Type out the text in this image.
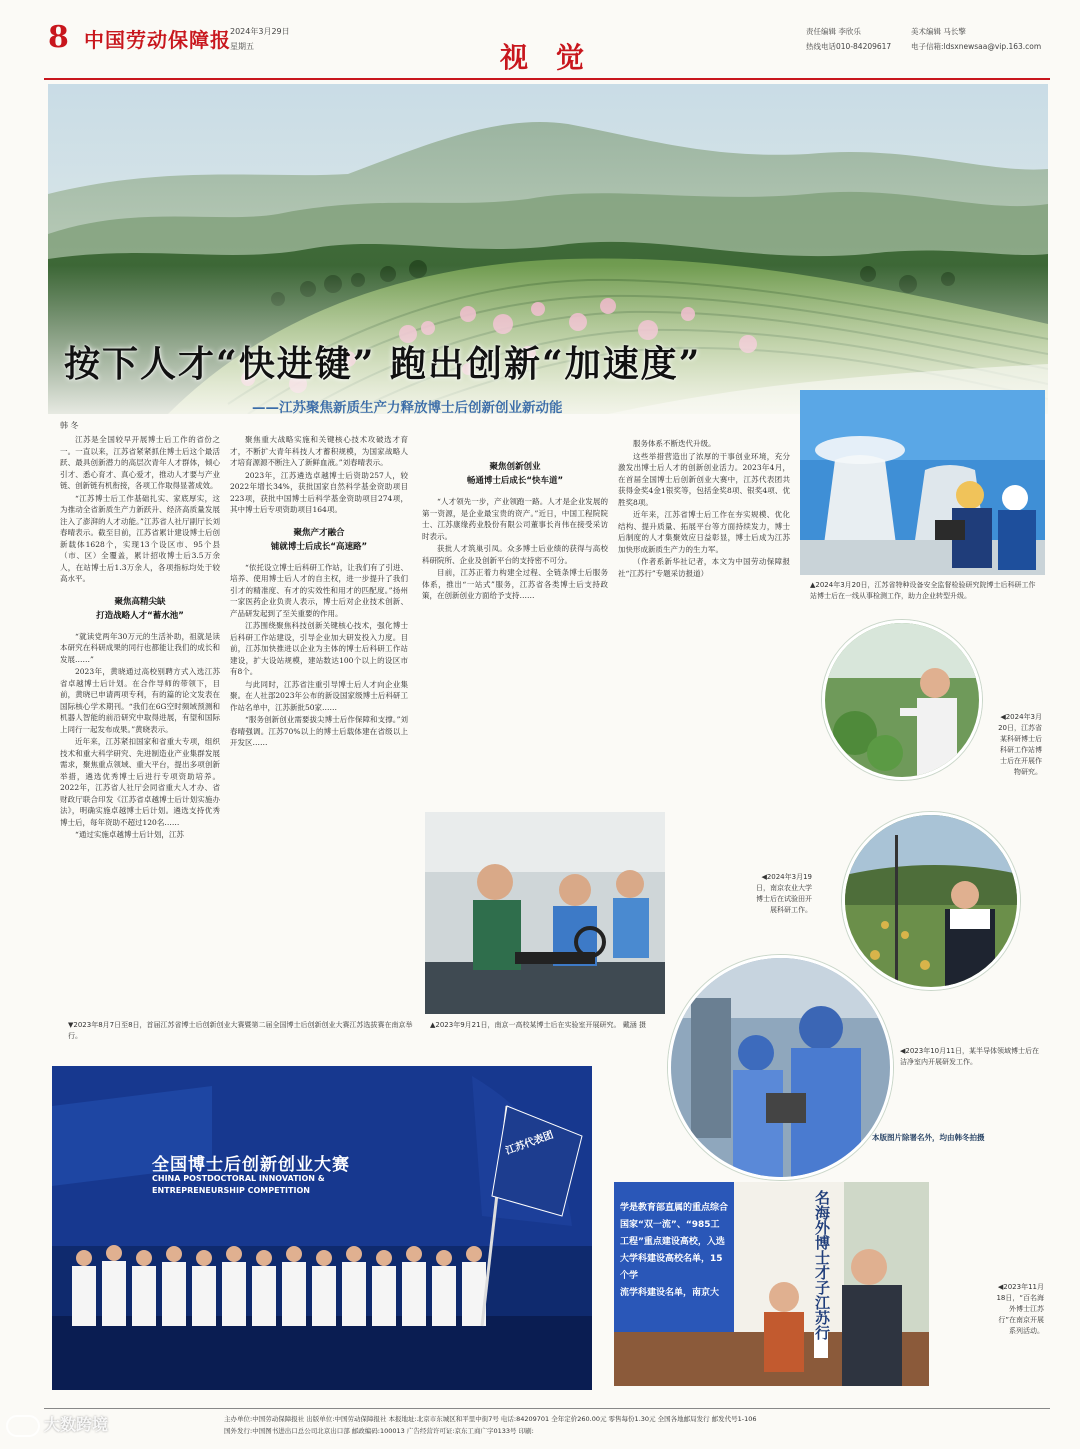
8 中国劳动保障报 2024年3月29日
星期五	视觉
责任编辑 李欣乐	美术编辑 马长擎
热线电话010-84209617	电子信箱:ldsxnewsaa@vip.163.com
按下人才“快进键” 跑出创新“加速度”
——江苏聚焦新质生产力释放博士后创新创业新动能
韩 冬

江苏是全国较早开展博士后工作的省份之一。一直以来，江苏省紧紧抓住博士后这个最活跃、最具创新潜力的高层次青年人才群体，倾心引才、悉心育才、真心爱才，推动人才要与产业链、创新链有机衔接，各项工作取得显著成效。

“江苏博士后工作基础扎实、家底厚实，这为推动全省新质生产力新跃升、经济高质量发展注入了澎湃的人才动能。”江苏省人社厅副厅长刘春晴表示。截至目前，江苏省累计建设博士后创新载体1628个，实现13个设区市、95个县（市、区）全覆盖，累计招收博士后3.5万余人，在站博士后1.3万余人，各项指标均处于较高水平。

聚焦高精尖缺
打造战略人才“蓄水池”

“就读党两年30万元的生活补助，祖就是读本研究在科研成果的同行也都能让我们的成长和发展……”

2023年，黄晓通过高校别聘方式入选江苏省卓越博士后计划。在合作导师的带领下，目前，黄晓已申请两项专利，有的篇的论文发表在国际核心学术期刊。“我们在6G空时频域预测和机器人智能的前沿研究中取得进展，有望和国际上同行一起发布成果。”黄晓表示。

近年来，江苏紧扣国家和省重大专项，组织技术和重大科学研究、先进制造业产业集群发展需求，聚焦重点领域、重大平台，提出多项创新举措，遴选优秀博士后进行专项资助培养。2022年，江苏省人社厅会同省重大人才办、省财政厅联合印发《江苏省卓越博士后计划实施办法》，明确实施卓越博士后计划。遴选支持优秀博士后，每年资助不超过120名……

“通过实施卓越博士后计划，江苏

聚焦重大战略实施和关键核心技术攻破选才育才，不断扩大青年科技人才蓄积规模，为国家战略人才培育源源不断注入了新鲜血液。”刘春晴表示。

2023年，江苏遴选卓越博士后资助257人，较2022年增长34%，获批国家自然科学基金资助项目223项，获批中国博士后科学基金资助项目274项，其中博士后专项资助项目164项。

聚焦产才融合
铺就博士后成长“高速路”

“依托设立博士后科研工作站，让我们有了引进、培养、使用博士后人才的自主权，进一步提升了我们引才的精准度、有才的实效性和用才的匹配度。”扬州一家医药企业负责人表示，博士后对企业技术创新、产品研发起到了至关重要的作用。

江苏围绕聚焦科技创新关键核心技术，强化博士后科研工作站建设，引导企业加大研发投入力度。目前，江苏加快推进以企业为主体的博士后科研工作站建设，扩大设站规模，建站数达100个以上的设区市有8个。

与此同时，江苏省注重引导博士后人才向企业集聚。在人社部2023年公布的新设国家级博士后科研工作站名单中，江苏新批50家……

“服务创新创业需要拔尖博士后作保障和支撑。”刘春晴强调。江苏70%以上的博士后载体建在省级以上开发区……

聚焦创新创业
畅通博士后成长“快车道”

“人才领先一步，产业领跑一路。人才是企业发展的第一资源，是企业最宝贵的资产。”近日，中国工程院院士、江苏康缘药业股份有限公司董事长肖伟在接受采访时表示。

获批人才筑巢引凤。众多博士后业绩的获得与高校科研院所、企业及创新平台的支持密不可分。

目前，江苏正着力构建全过程、全链条博士后服务体系，推出“一站式”服务，江苏省各类博士后支持政策，在创新创业方面给予支持……

服务体系不断迭代升级。

这些举措营造出了浓厚的干事创业环境，充分激发出博士后人才的创新创业活力。2023年4月，在首届全国博士后创新创业大赛中，江苏代表团共获得金奖4金1银奖等，包括金奖8项、银奖4项、优胜奖8项。

近年来，江苏省博士后工作在夯实规模、优化结构、提升质量、拓展平台等方面持续发力，博士后制度的人才集聚效应日益彰显，博士后成为江苏加快形成新质生产力的生力军。

（作者系新华社记者，本文为中国劳动保障报社“江苏行”专题采访报道）

▲2024年3月20日，江苏省特种设备安全监督检验研究院博士后科研工作站博士后在一线从事检测工作，助力企业转型升级。
◀2024年3月20日，江苏省某科研博士后科研工作站博士后在开展作物研究。
◀2024年3月19日，南京农业大学博士后在试验田开展科研工作。
◀2023年10月11日，某半导体领域博士后在洁净室内开展研发工作。
本版图片除署名外，均由韩冬拍摄
▲2023年9月21日，南京一高校某博士后在实验室开展研究。 戴涵 摄
▼2023年8月7日至8日，首届江苏省博士后创新创业大赛暨第二届全国博士后创新创业大赛江苏选拔赛在南京举行。
全国博士后创新创业大赛
CHINA POSTDOCTORAL INNOVATION &
ENTREPRENEURSHIP COMPETITION
江苏代表团
学是教育部直属的重点综合
国家“双一流”、“985工
工程”重点建设高校，入选
大学科建设高校名单，15个学
流学科建设名单，南京大	名海外博士才子江苏行	◀2023年11月18日，“百名海外博士江苏行”在南京开展系列活动。
主办单位:中国劳动保障报社 出版单位:中国劳动保障报社 本报地址:北京市东城区和平里中街7号 电话:84209701 全年定价260.00元 零售每份1.30元 全国各地邮局发行 邮发代号1-106
国外发行:中国图书进出口总公司北京出口部 邮政编码:100013 广告经营许可证:京东工商广字0133号 印刷:
大数跨境
